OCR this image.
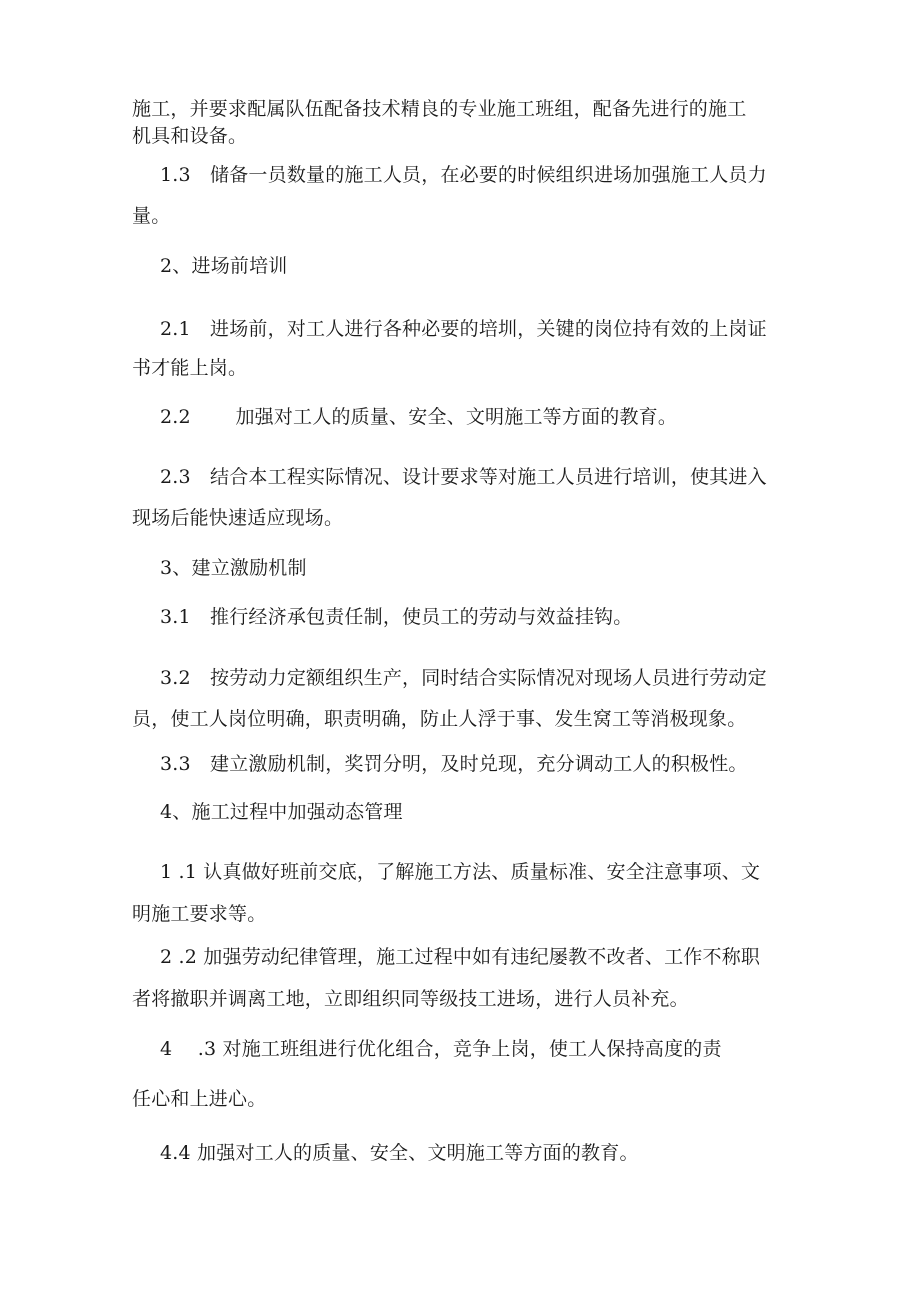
施工，并要求配属队伍配备技术精良的专业施工班组，配备先进行的施工
机具和设备。
1.3　储备一员数量的施工人员，在必要的时候组织进场加强施工人员力
量。
2、进场前培训
2.1　进场前，对工人进行各种必要的培圳，关键的岗位持有效的上岗证
书才能上岗。
2.2　　 加强对工人的质量、安全、文明施工等方面的教育。
2.3　结合本工程实际情况、设计要求等对施工人员进行培训，使其进入
现场后能快速适应现场。
3、建立激励机制
3.1　推行经济承包责任制，使员工的劳动与效益挂钩。
3.2　按劳动力定额组织生产，同时结合实际情况对现场人员进行劳动定
员，使工人岗位明确，职责明确，防止人浮于事、发生窝工等消极现象。
3.3　建立激励机制，奖罚分明，及时兑现，充分调动工人的积极性。
4、施工过程中加强动态管理
1 .1 认真做好班前交底，了解施工方法、质量标准、安全注意事项、文
明施工要求等。
2 .2 加强劳动纪律管理，施工过程中如有违纪屡教不改者、工作不称职
者将撤职并调离工地，立即组织同等级技工进场，进行人员补充。
4　 .3 对施工班组进行优化组合，竞争上岗，使工人保持高度的责
任心和上进心。
4.4 加强对工人的质量、安全、文明施工等方面的教育。
